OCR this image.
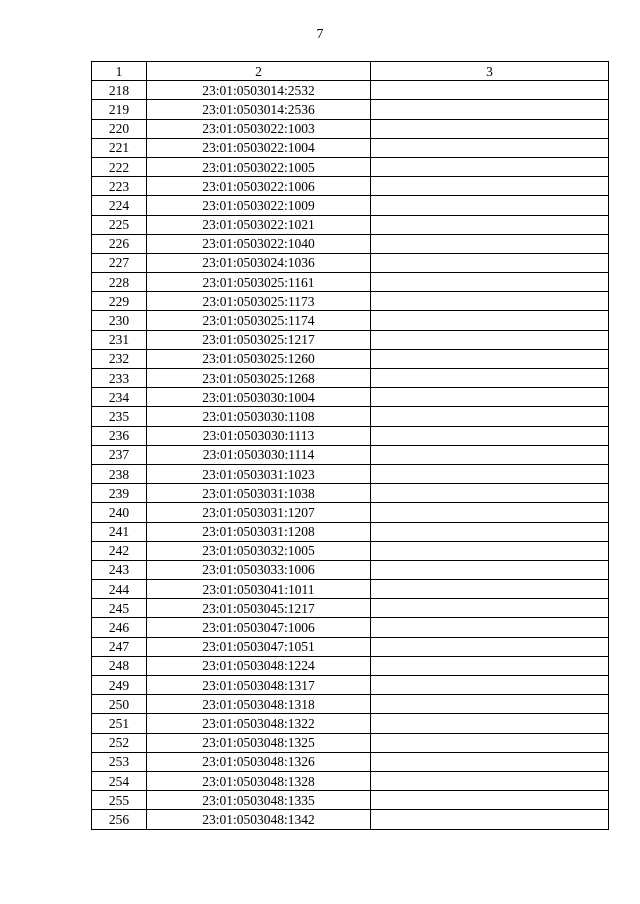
7
1	2	3
218	23:01:0503014:2532	
219	23:01:0503014:2536	
220	23:01:0503022:1003	
221	23:01:0503022:1004	
222	23:01:0503022:1005	
223	23:01:0503022:1006	
224	23:01:0503022:1009	
225	23:01:0503022:1021	
226	23:01:0503022:1040	
227	23:01:0503024:1036	
228	23:01:0503025:1161	
229	23:01:0503025:1173	
230	23:01:0503025:1174	
231	23:01:0503025:1217	
232	23:01:0503025:1260	
233	23:01:0503025:1268	
234	23:01:0503030:1004	
235	23:01:0503030:1108	
236	23:01:0503030:1113	
237	23:01:0503030:1114	
238	23:01:0503031:1023	
239	23:01:0503031:1038	
240	23:01:0503031:1207	
241	23:01:0503031:1208	
242	23:01:0503032:1005	
243	23:01:0503033:1006	
244	23:01:0503041:1011	
245	23:01:0503045:1217	
246	23:01:0503047:1006	
247	23:01:0503047:1051	
248	23:01:0503048:1224	
249	23:01:0503048:1317	
250	23:01:0503048:1318	
251	23:01:0503048:1322	
252	23:01:0503048:1325	
253	23:01:0503048:1326	
254	23:01:0503048:1328	
255	23:01:0503048:1335	
256	23:01:0503048:1342	
